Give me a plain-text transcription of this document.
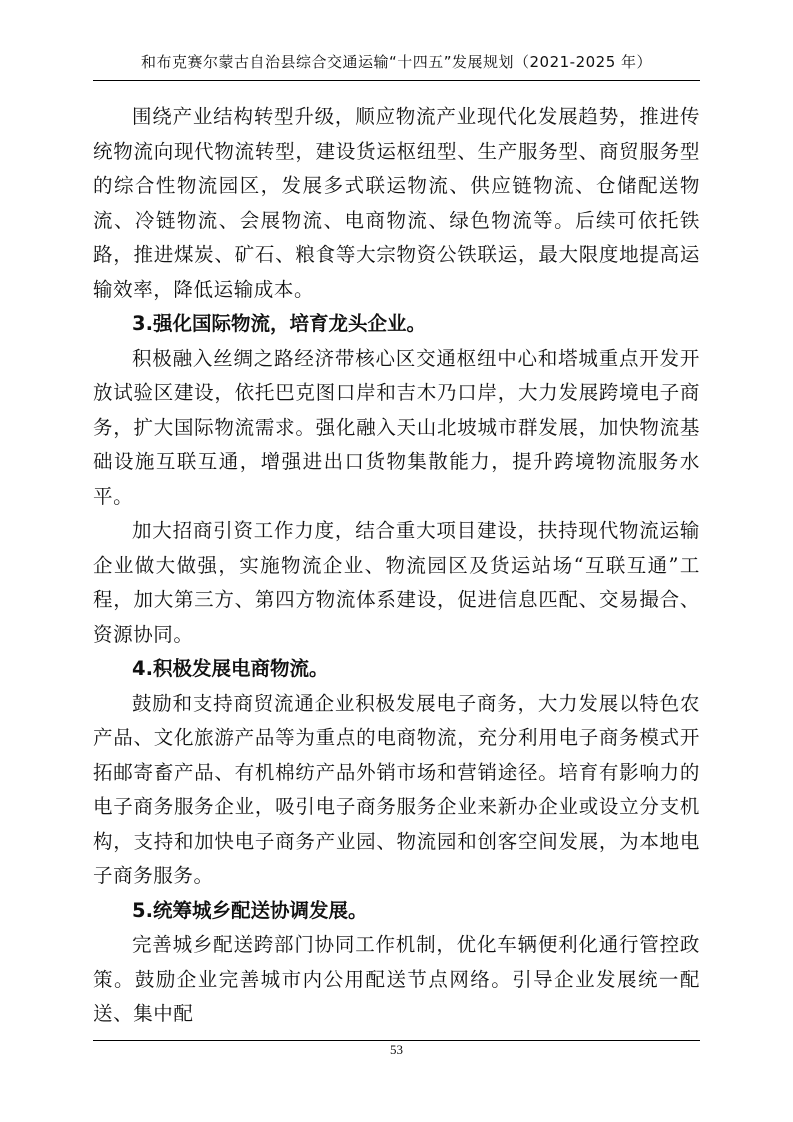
和布克赛尔蒙古自治县综合交通运输“十四五”发展规划（2021-2025 年）

围绕产业结构转型升级，顺应物流产业现代化发展趋势，推进传统物流向现代物流转型，建设货运枢纽型、生产服务型、商贸服务型的综合性物流园区，发展多式联运物流、供应链物流、仓储配送物流、冷链物流、会展物流、电商物流、绿色物流等。后续可依托铁路，推进煤炭、矿石、粮食等大宗物资公铁联运，最大限度地提高运输效率，降低运输成本。

3.强化国际物流，培育龙头企业。

积极融入丝绸之路经济带核心区交通枢纽中心和塔城重点开发开放试验区建设，依托巴克图口岸和吉木乃口岸，大力发展跨境电子商务，扩大国际物流需求。强化融入天山北坡城市群发展，加快物流基础设施互联互通，增强进出口货物集散能力，提升跨境物流服务水平。

加大招商引资工作力度，结合重大项目建设，扶持现代物流运输企业做大做强，实施物流企业、物流园区及货运站场“互联互通”工程，加大第三方、第四方物流体系建设，促进信息匹配、交易撮合、资源协同。

4.积极发展电商物流。

鼓励和支持商贸流通企业积极发展电子商务，大力发展以特色农产品、文化旅游产品等为重点的电商物流，充分利用电子商务模式开拓邮寄畜产品、有机棉纺产品外销市场和营销途径。培育有影响力的电子商务服务企业，吸引电子商务服务企业来新办企业或设立分支机构，支持和加快电子商务产业园、物流园和创客空间发展，为本地电子商务服务。

5.统筹城乡配送协调发展。

完善城乡配送跨部门协同工作机制，优化车辆便利化通行管控政策。鼓励企业完善城市内公用配送节点网络。引导企业发展统一配送、集中配

53
